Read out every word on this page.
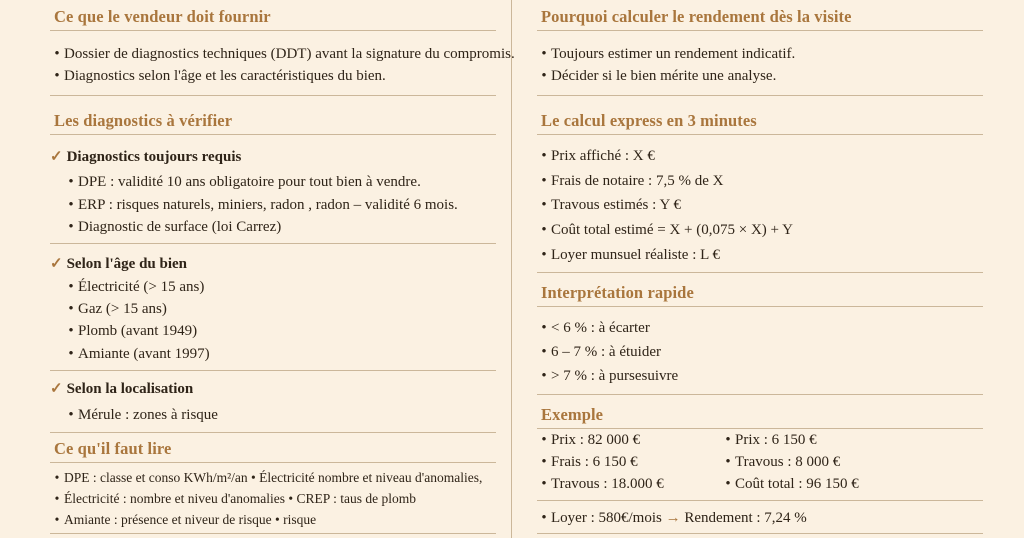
Ce que le vendeur doit fournir
• Dossier de diagnostics techniques (DDT) avant la signature du compromis.
• Diagnostics selon l'âge et les caractéristiques du bien.
Les diagnostics à vérifier
✓ Diagnostics toujours requis
• DPE : validité 10 ans obligatoire pour tout bien à vendre.
• ERP : risques naturels, miniers, radon , radon – validité 6 mois.
• Diagnostic de surface (loi Carrez)
✓ Selon l'âge du bien
• Électricité (> 15 ans)
• Gaz (> 15 ans)
• Plomb (avant 1949)
• Amiante (avant 1997)
✓ Selon la localisation
• Mérule : zones à risque
Ce qu'il faut lire
• DPE : classe et conso KWh/m²/an • Électricité nombre et niveau d'anomalies,
• Électricité : nombre et niveu d'anomalies • CREP : taus de plomb
• Amiante : présence et niveur de risque • risque
Pourquoi calculer le rendement dès la visite
• Toujours estimer un rendement indicatif.
• Décider si le bien mérite une analyse.
Le calcul express en 3 minutes
• Prix affiché : X €
• Frais de notaire : 7,5 % de X
• Travous estimés : Y €
• Coût total estimé = X + (0,075 × X) + Y
• Loyer munsuel réaliste : L €
Interprétation rapide
• < 6 % : à écarter
• 6 – 7 % : à étuider
• > 7 % : à pursesuivre
Exemple
• Prix : 82 000 €
• Frais : 6 150 €
• Travous : 18.000 €
• Prix : 6 150 €
• Travous : 8 000 €
• Coût total : 96 150 €
• Loyer : 580€/mois → Rendement : 7,24 %
